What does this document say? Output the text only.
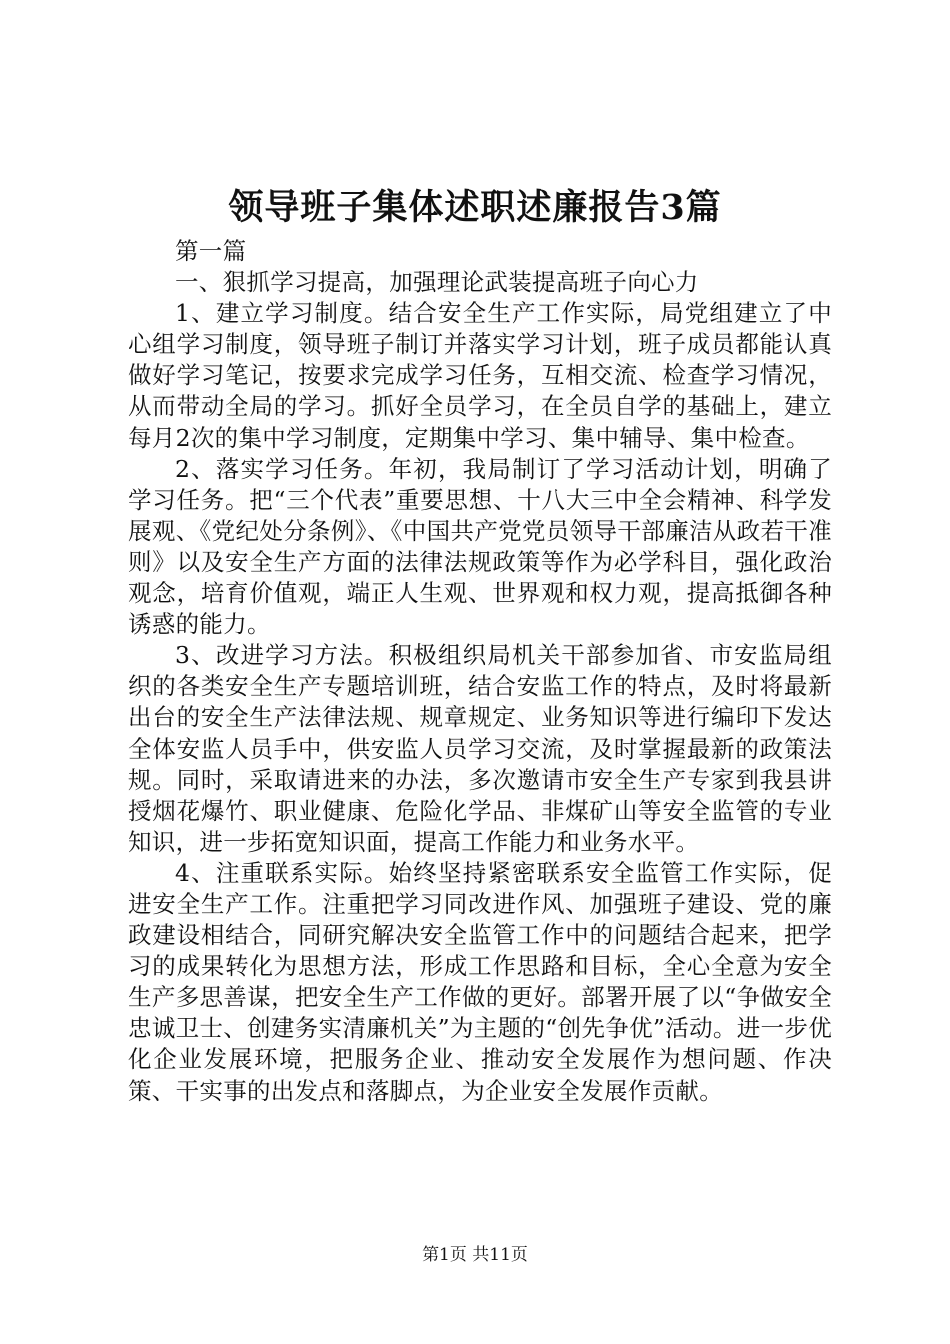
领导班子集体述职述廉报告3篇

第一篇

一、狠抓学习提高，加强理论武装提高班子向心力

1、建立学习制度。结合安全生产工作实际，局党组建立了中心组学习制度，领导班子制订并落实学习计划，班子成员都能认真做好学习笔记，按要求完成学习任务，互相交流、检查学习情况，从而带动全局的学习。抓好全员学习，在全员自学的基础上，建立每月2次的集中学习制度，定期集中学习、集中辅导、集中检查。

2、落实学习任务。年初，我局制订了学习活动计划，明确了学习任务。把“三个代表”重要思想、十八大三中全会精神、科学发展观、《党纪处分条例》、《中国共产党党员领导干部廉洁从政若干准则》以及安全生产方面的法律法规政策等作为必学科目，强化政治观念，培育价值观，端正人生观、世界观和权力观，提高抵御各种诱惑的能力。

3、改进学习方法。积极组织局机关干部参加省、市安监局组织的各类安全生产专题培训班，结合安监工作的特点，及时将最新出台的安全生产法律法规、规章规定、业务知识等进行编印下发达全体安监人员手中，供安监人员学习交流，及时掌握最新的政策法规。同时，采取请进来的办法，多次邀请市安全生产专家到我县讲授烟花爆竹、职业健康、危险化学品、非煤矿山等安全监管的专业知识，进一步拓宽知识面，提高工作能力和业务水平。

4、注重联系实际。始终坚持紧密联系安全监管工作实际，促进安全生产工作。注重把学习同改进作风、加强班子建设、党的廉政建设相结合，同研究解决安全监管工作中的问题结合起来，把学习的成果转化为思想方法，形成工作思路和目标，全心全意为安全生产多思善谋，把安全生产工作做的更好。部署开展了以“争做安全忠诚卫士、创建务实清廉机关”为主题的“创先争优”活动。进一步优化企业发展环境，把服务企业、推动安全发展作为想问题、作决策、干实事的出发点和落脚点，为企业安全发展作贡献。

第1页 共11页
